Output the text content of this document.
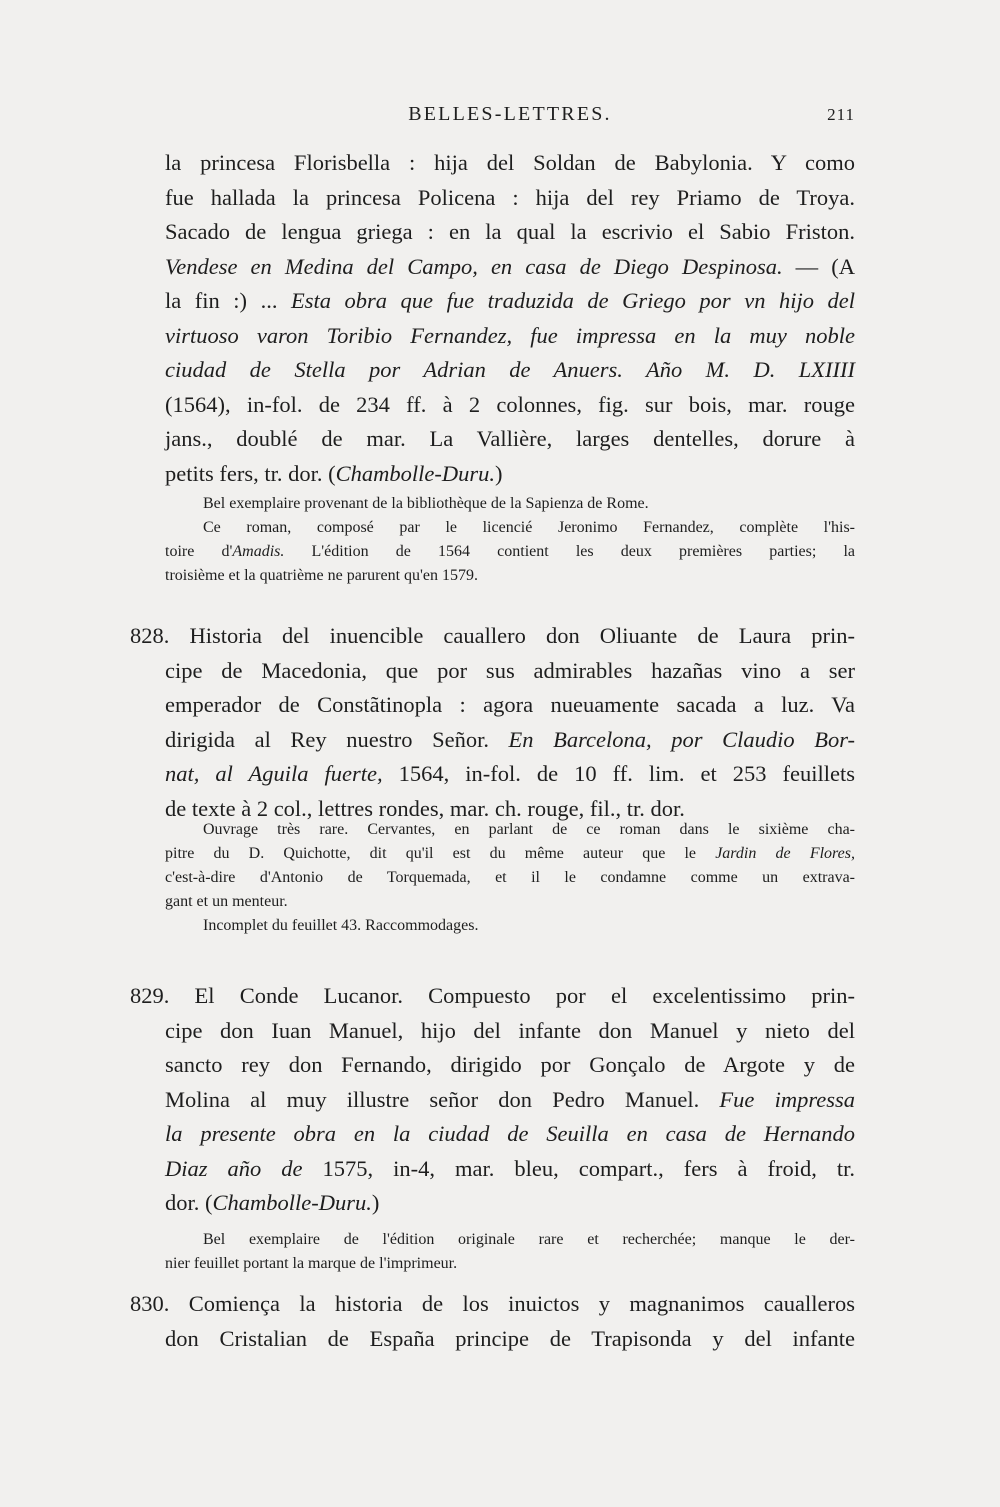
BELLES-LETTRES.	211
la princesa Florisbella : hija del Soldan de Babylonia. Y como
fue hallada la princesa Policena : hija del rey Priamo de Troya.
Sacado de lengua griega : en la qual la escrivio el Sabio Friston.
Vendese en Medina del Campo, en casa de Diego Despinosa. — (A
la fin :) ... Esta obra que fue traduzida de Griego por vn hijo del
virtuoso varon Toribio Fernandez, fue impressa en la muy noble
ciudad de Stella por Adrian de Anuers. Año M. D. LXIIII
(1564), in-fol. de 234 ff. à 2 colonnes, fig. sur bois, mar. rouge
jans., doublé de mar. La Vallière, larges dentelles, dorure à
petits fers, tr. dor. (Chambolle-Duru.)
Bel exemplaire provenant de la bibliothèque de la Sapienza de Rome.
Ce roman, composé par le licencié Jeronimo Fernandez, complète l'his-
toire d'Amadis. L'édition de 1564 contient les deux premières parties; la
troisième et la quatrième ne parurent qu'en 1579.
828. Historia del inuencible cauallero don Oliuante de Laura prin-
cipe de Macedonia, que por sus admirables hazañas vino a ser
emperador de Constãtinopla : agora nueuamente sacada a luz. Va
dirigida al Rey nuestro Señor. En Barcelona, por Claudio Bor-
nat, al Aguila fuerte, 1564, in-fol. de 10 ff. lim. et 253 feuillets
de texte à 2 col., lettres rondes, mar. ch. rouge, fil., tr. dor.
Ouvrage très rare. Cervantes, en parlant de ce roman dans le sixième cha-
pitre du D. Quichotte, dit qu'il est du même auteur que le Jardin de Flores,
c'est-à-dire d'Antonio de Torquemada, et il le condamne comme un extrava-
gant et un menteur.
Incomplet du feuillet 43. Raccommodages.
829. El Conde Lucanor. Compuesto por el excelentissimo prin-
cipe don Iuan Manuel, hijo del infante don Manuel y nieto del
sancto rey don Fernando, dirigido por Gonçalo de Argote y de
Molina al muy illustre señor don Pedro Manuel. Fue impressa
la presente obra en la ciudad de Seuilla en casa de Hernando
Diaz año de 1575, in-4, mar. bleu, compart., fers à froid, tr.
dor. (Chambolle-Duru.)
Bel exemplaire de l'édition originale rare et recherchée; manque le der-
nier feuillet portant la marque de l'imprimeur.
830. Comiença la historia de los inuictos y magnanimos caualleros
don Cristalian de España principe de Trapisonda y del infante
